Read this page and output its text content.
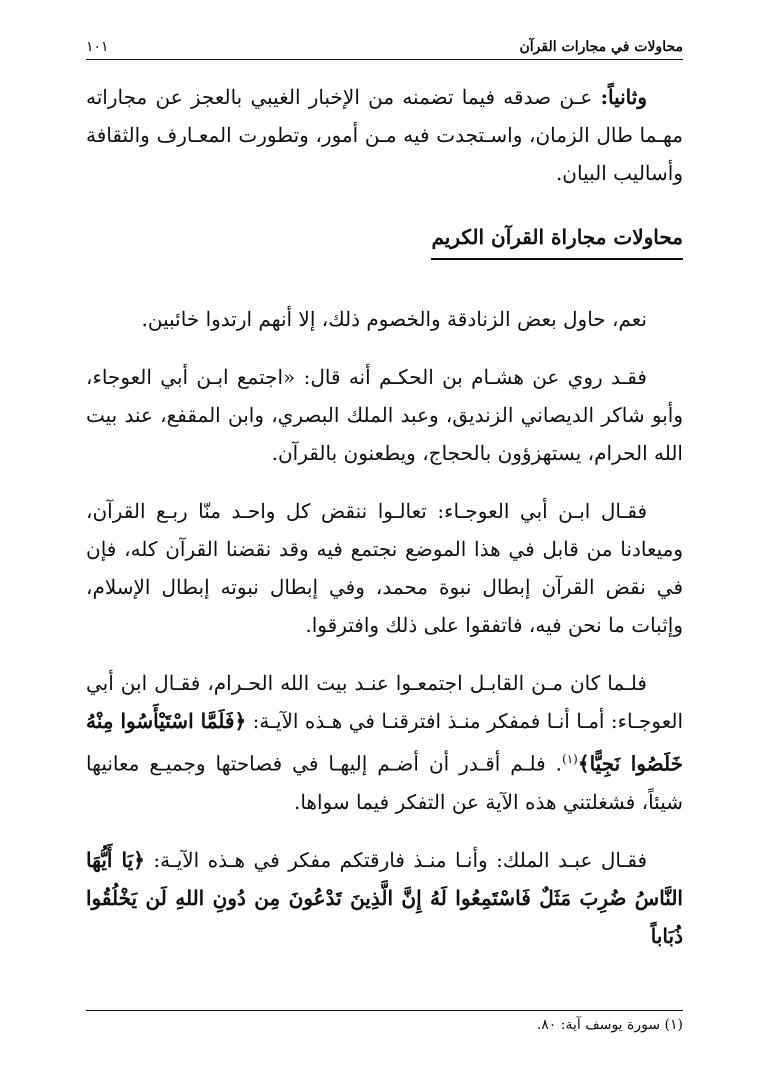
محاولات في مجارات القرآن
١٠١

وثانياً: عـن صدقه فيما تضمنه من الإخبار الغيبي بالعجز عن مجاراته مهـما طال الزمان، واسـتجدت فيه مـن أمور، وتطورت المعـارف والثقافة وأساليب البيان.

محاولات مجاراة القرآن الكريم

نعم، حاول بعض الزنادقة والخصوم ذلك، إلا أنهم ارتدوا خائبين.

فقـد روي عن هشـام بن الحكـم أنه قال: «اجتمع ابـن أبي العوجاء، وأبو شاكر الديصاني الزنديق، وعبد الملك البصري، وابن المقفع، عند بيت الله الحرام، يستهزؤون بالحجاج، ويطعنون بالقرآن.

فقـال ابـن أبي العوجـاء: تعالـوا ننقض كل واحـد منّا ربـع القرآن، وميعادنا من قابل في هذا الموضع نجتمع فيه وقد نقضنا القرآن كله، فإن في نقض القرآن إبطال نبوة محمد، وفي إبطال نبوته إبطال الإسلام، وإثبات ما نحن فيه، فاتفقوا على ذلك وافترقوا.

فلـما كان مـن القابـل اجتمعـوا عنـد بيت الله الحـرام، فقـال ابن أبي العوجـاء: أمـا أنـا فمفكر منـذ افترقنـا في هـذه الآيـة: ﴿فَلَمَّا اسْتَيْأَسُوا مِنْهُ خَلَصُوا نَجِيًّا﴾$^{(١)}$. فلـم أقـدر أن أضـم إليهـا في فصاحتها وجميـع معانيها شيئاً، فشغلتني هذه الآية عن التفكر فيما سواها.

فقـال عبـد الملك: وأنـا منـذ فارقتكم مفكر في هـذه الآيـة: ﴿يَا أَيُّهَا النَّاسُ ضُرِبَ مَثَلٌ فَاسْتَمِعُوا لَهُ إِنَّ الَّذِينَ تَدْعُونَ مِن دُونِ اللهِ لَن يَخْلُقُوا ذُبَاباً

(١) سورة يوسف آية: ٨٠.
